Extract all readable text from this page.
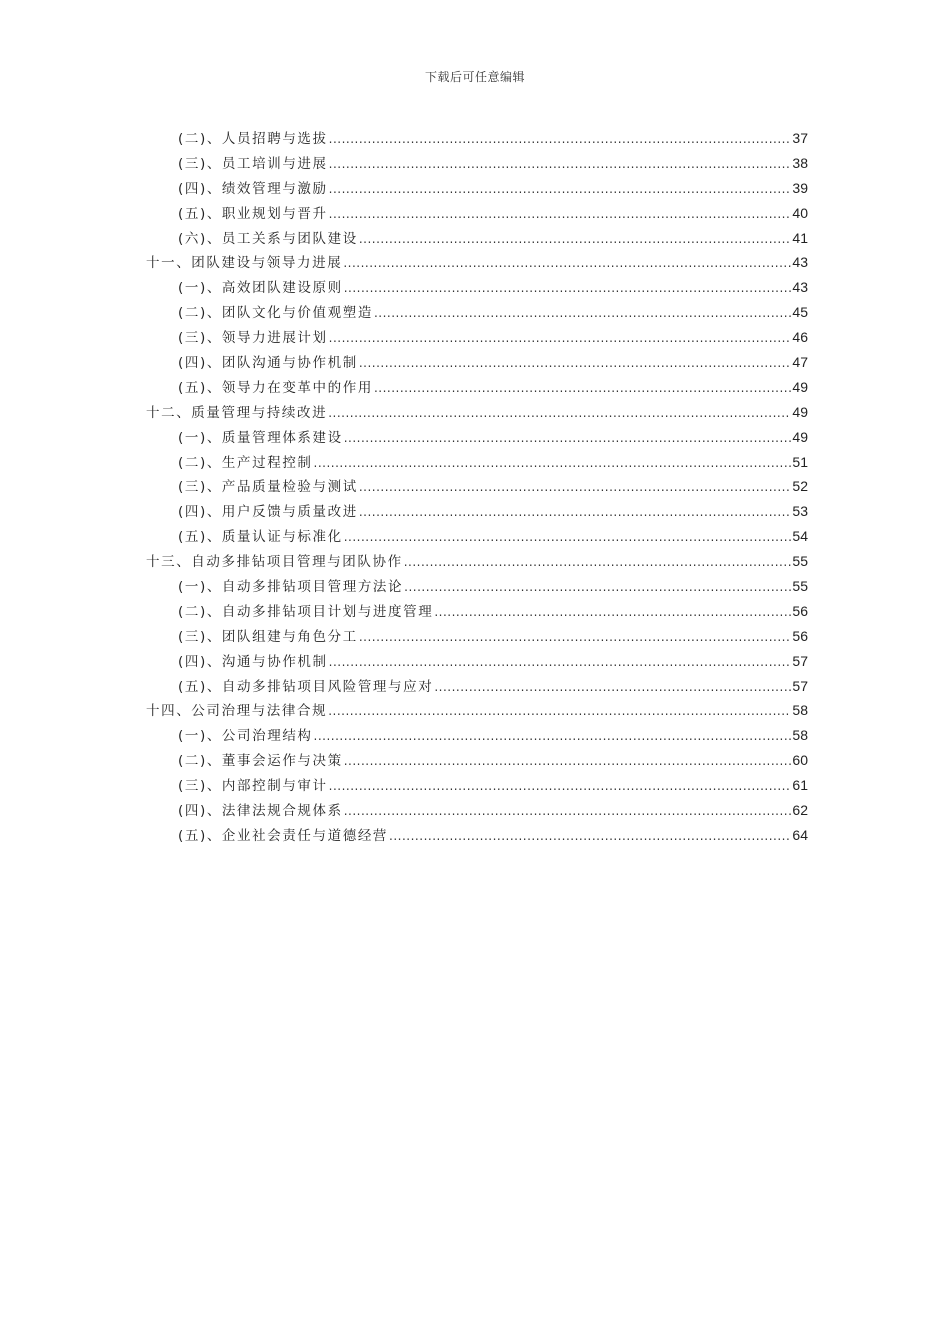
下载后可任意编辑
(二)、人员招聘与选拔 .....	37
(三)、员工培训与进展 .....	38
(四)、绩效管理与激励 .....	39
(五)、职业规划与晋升 .....	40
(六)、员工关系与团队建设 .....	41
十一、团队建设与领导力进展 .....	43
(一)、高效团队建设原则 .....	43
(二)、团队文化与价值观塑造 .....	45
(三)、领导力进展计划 .....	46
(四)、团队沟通与协作机制 .....	47
(五)、领导力在变革中的作用 .....	49
十二、质量管理与持续改进 .....	49
(一)、质量管理体系建设 .....	49
(二)、生产过程控制 .....	51
(三)、产品质量检验与测试 .....	52
(四)、用户反馈与质量改进 .....	53
(五)、质量认证与标准化 .....	54
十三、自动多排钻项目管理与团队协作 .....	55
(一)、自动多排钻项目管理方法论 .....	55
(二)、自动多排钻项目计划与进度管理 .....	56
(三)、团队组建与角色分工 .....	56
(四)、沟通与协作机制 .....	57
(五)、自动多排钻项目风险管理与应对 .....	57
十四、公司治理与法律合规 .....	58
(一)、公司治理结构 .....	58
(二)、董事会运作与决策 .....	60
(三)、内部控制与审计 .....	61
(四)、法律法规合规体系 .....	62
(五)、企业社会责任与道德经营 .....	64
